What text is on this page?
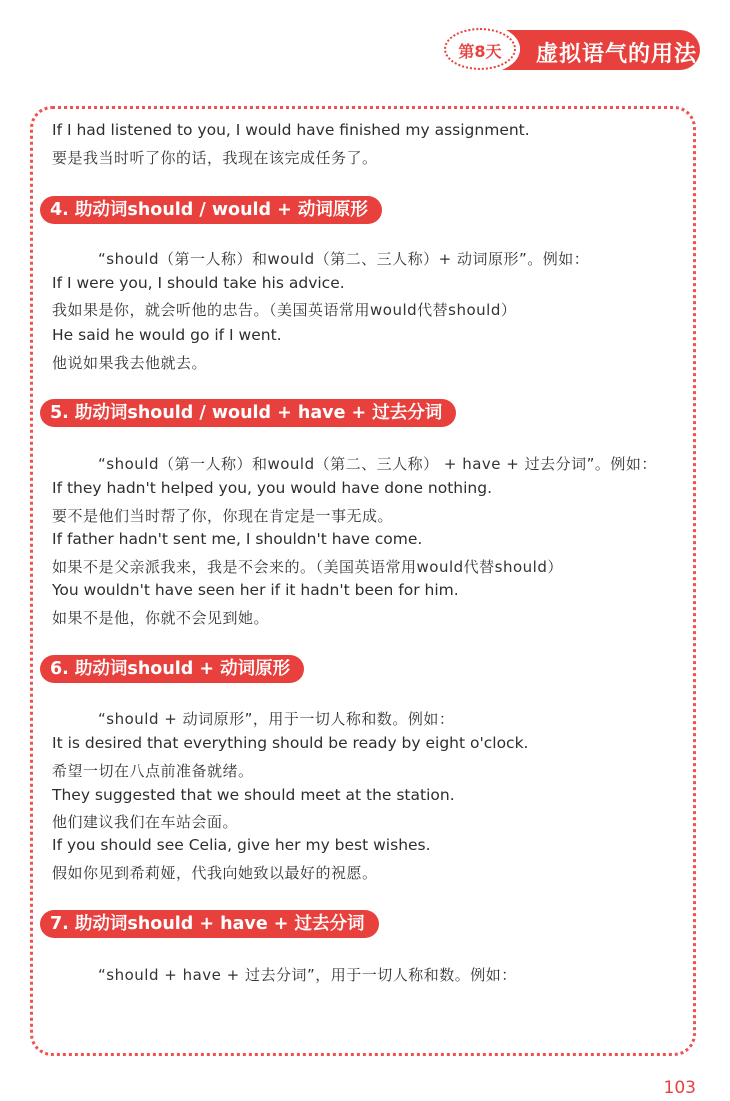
虚拟语气的用法
第8天
If I had listened to you, I would have finished my assignment.
要是我当时听了你的话，我现在该完成任务了。
4. 助动词should / would + 动词原形
“should（第一人称）和would（第二、三人称）+ 动词原形”。例如：
If I were you, I should take his advice.
我如果是你，就会听他的忠告。（美国英语常用would代替should）
He said he would go if I went.
他说如果我去他就去。
5. 助动词should / would + have + 过去分词
“should（第一人称）和would（第二、三人称） + have + 过去分词”。例如：
If they hadn't helped you, you would have done nothing.
要不是他们当时帮了你，你现在肯定是一事无成。
If father hadn't sent me, I shouldn't have come.
如果不是父亲派我来，我是不会来的。（美国英语常用would代替should）
You wouldn't have seen her if it hadn't been for him.
如果不是他，你就不会见到她。
6. 助动词should + 动词原形
“should + 动词原形”，用于一切人称和数。例如：
It is desired that everything should be ready by eight o'clock.
希望一切在八点前准备就绪。
They suggested that we should meet at the station.
他们建议我们在车站会面。
If you should see Celia, give her my best wishes.
假如你见到希莉娅，代我向她致以最好的祝愿。
7. 助动词should + have + 过去分词
“should + have + 过去分词”，用于一切人称和数。例如：
103
